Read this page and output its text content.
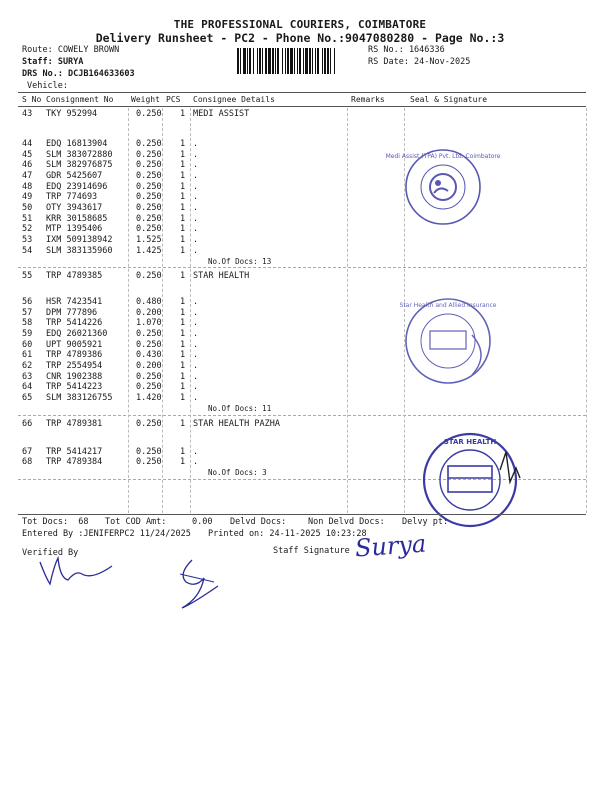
THE PROFESSIONAL COURIERS, COIMBATORE
Delivery Runsheet - PC2 - Phone No.:9047080280 - Page No.:3
Route: COWELY BROWN
Staff: SURYA
DRS No.: DCJB164633603
Vehicle:
RS No.: 1646336
RS Date: 24-Nov-2025
S No Consignment No Weight PCS Consignee Details	Remarks	Seal & Signature
43 TKY 952994	0.250 1 MEDI ASSIST
44 EDQ 16813904	0.250 1 .
45 SLM 383072880	0.250 1 .
46 SLM 382976875	0.250 1 .
47 GDR 5425607	0.250 1 .
48 EDQ 23914696	0.250 1 .
49 TRP 774693	0.250 1 .
50 OTY 3943617	0.250 1 .
51 KRR 30158685	0.250 1 .
52 MTP 1395406	0.250 1 .
53 IXM 509138942	1.525 1 .
54 SLM 383135960	1.425 1 .
No.Of Docs: 13
55 TRP 4789385	0.250 1 STAR HEALTH
56 HSR 7423541	0.480 1 .
57 DPM 777896	0.200 1 .
58 TRP 5414226	1.070 1 .
59 EDQ 26021360	0.250 1 .
60 UPT 9005921	0.250 1 .
61 TRP 4789386	0.430 1 .
62 TRP 2554954	0.200 1 .
63 CNR 1902388	0.250 1 .
64 TRP 5414223	0.250 1 .
65 SLM 383126755	1.420 1 .
No.Of Docs: 11
66 TRP 4789381	0.250 1 STAR HEALTH PAZHA
67 TRP 5414217	0.250 1 .
68 TRP 4789384	0.250 1 .
No.Of Docs: 3
Medi Assist (TPA) Pvt. Ltd. Coimbatore
Star Health and Allied Insurance
STAR HEALTH
Tot Docs:  68 Tot COD Amt:     0.00 Delvd Docs:	Non Delvd Docs: Delvy pt:
Entered By :JENIFERPC2 11/24/2025 Printed on: 24-11-2025 10:23:28
Verified By	Staff Signature Surya
